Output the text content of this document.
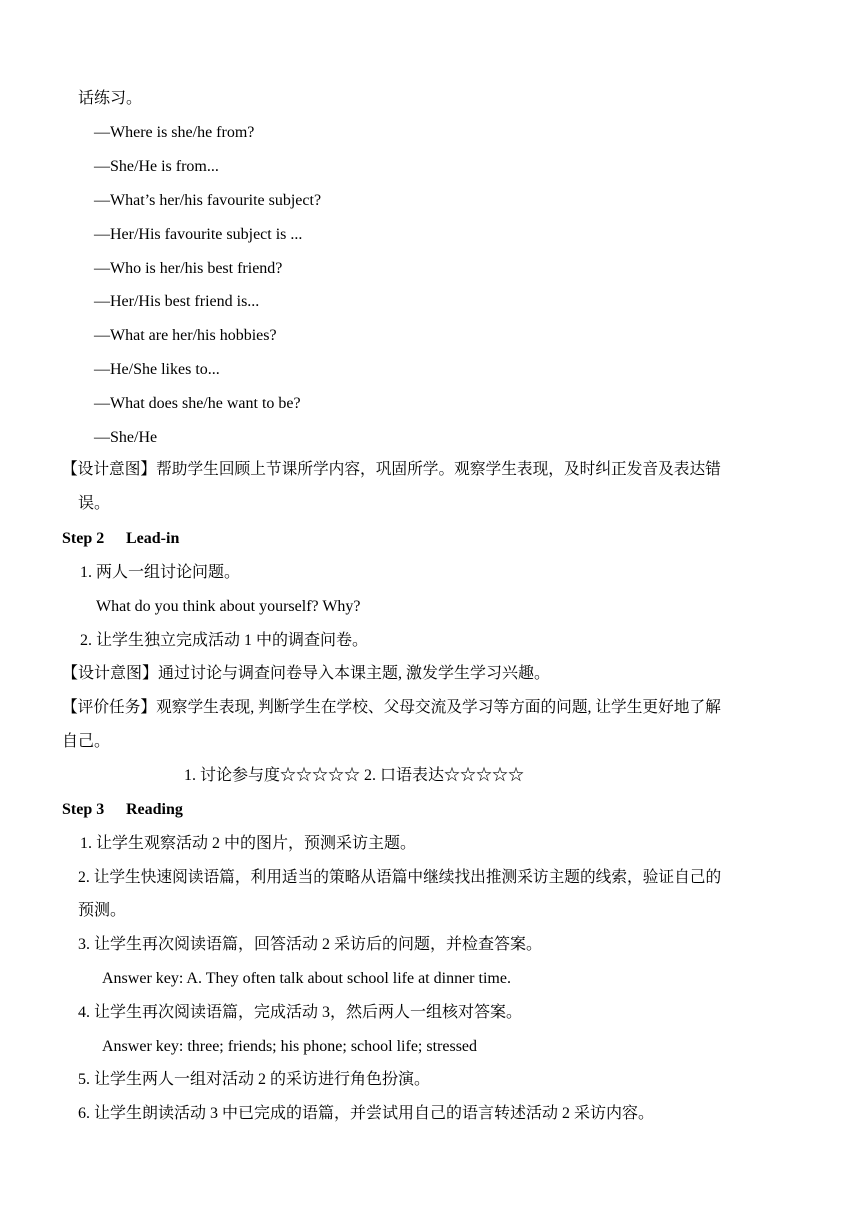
话练习。
—Where is she/he from?
—She/He is from...
—What’s her/his favourite subject?
—Her/His favourite subject is ...
—Who is her/his best friend?
—Her/His best friend is...
—What are her/his hobbies?
—He/She likes to...
—What does she/he want to be?
—She/He
【设计意图】帮助学生回顾上节课所学内容，巩固所学。观察学生表现，及时纠正发音及表达错
误。
Step 2 Lead-in
1. 两人一组讨论问题。
What do you think about yourself? Why?
2. 让学生独立完成活动 1 中的调查问卷。
【设计意图】通过讨论与调查问卷导入本课主题, 激发学生学习兴趣。
【评价任务】观察学生表现, 判断学生在学校、父母交流及学习等方面的问题, 让学生更好地了解
自己。
1. 讨论参与度☆☆☆☆☆ 2. 口语表达☆☆☆☆☆
Step 3 Reading
1. 让学生观察活动 2 中的图片，预测采访主题。
2. 让学生快速阅读语篇，利用适当的策略从语篇中继续找出推测采访主题的线索，验证自己的
预测。
3. 让学生再次阅读语篇，回答活动 2 采访后的问题，并检查答案。
Answer key: A. They often talk about school life at dinner time.
4. 让学生再次阅读语篇，完成活动 3，然后两人一组核对答案。
Answer key: three; friends; his phone; school life; stressed
5. 让学生两人一组对活动 2 的采访进行角色扮演。
6. 让学生朗读活动 3 中已完成的语篇，并尝试用自己的语言转述活动 2 采访内容。
